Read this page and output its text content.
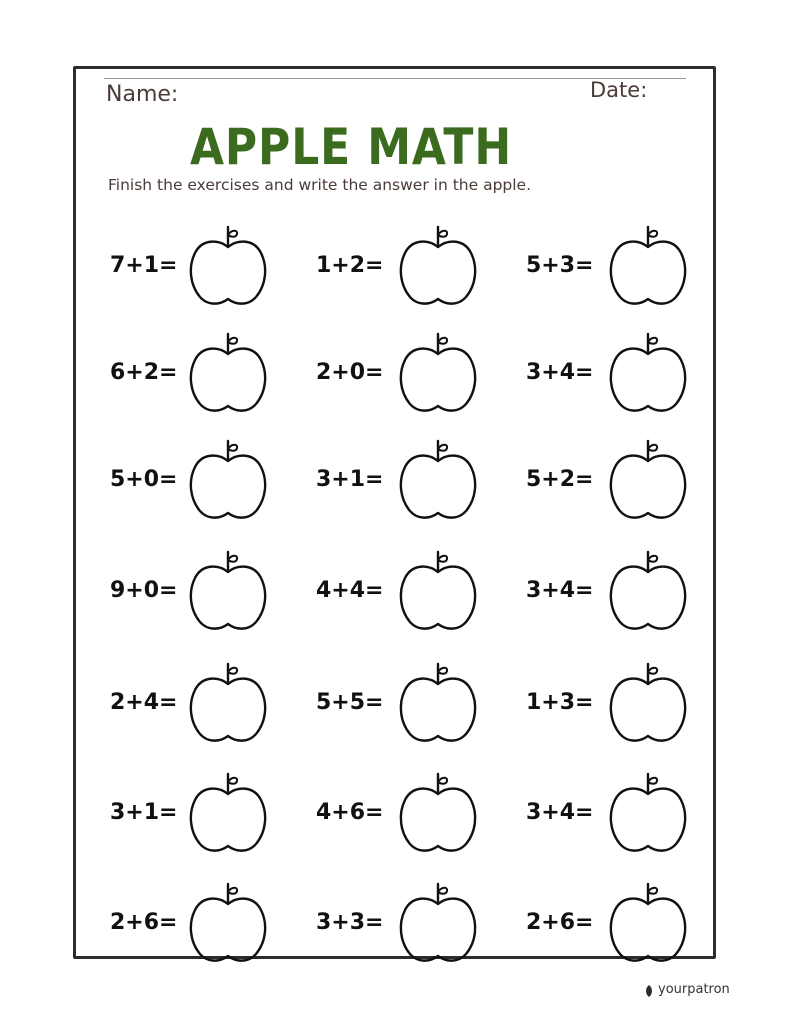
Name:	Date:
APPLE MATH
Finish the exercises and write the answer in the apple.
7+1=	1+2=	5+3=
6+2=	2+0=	3+4=
5+0=	3+1=	5+2=
9+0=	4+4=	3+4=
2+4=	5+5=	1+3=
3+1=	4+6=	3+4=
2+6=	3+3=	2+6=
yourpatron
